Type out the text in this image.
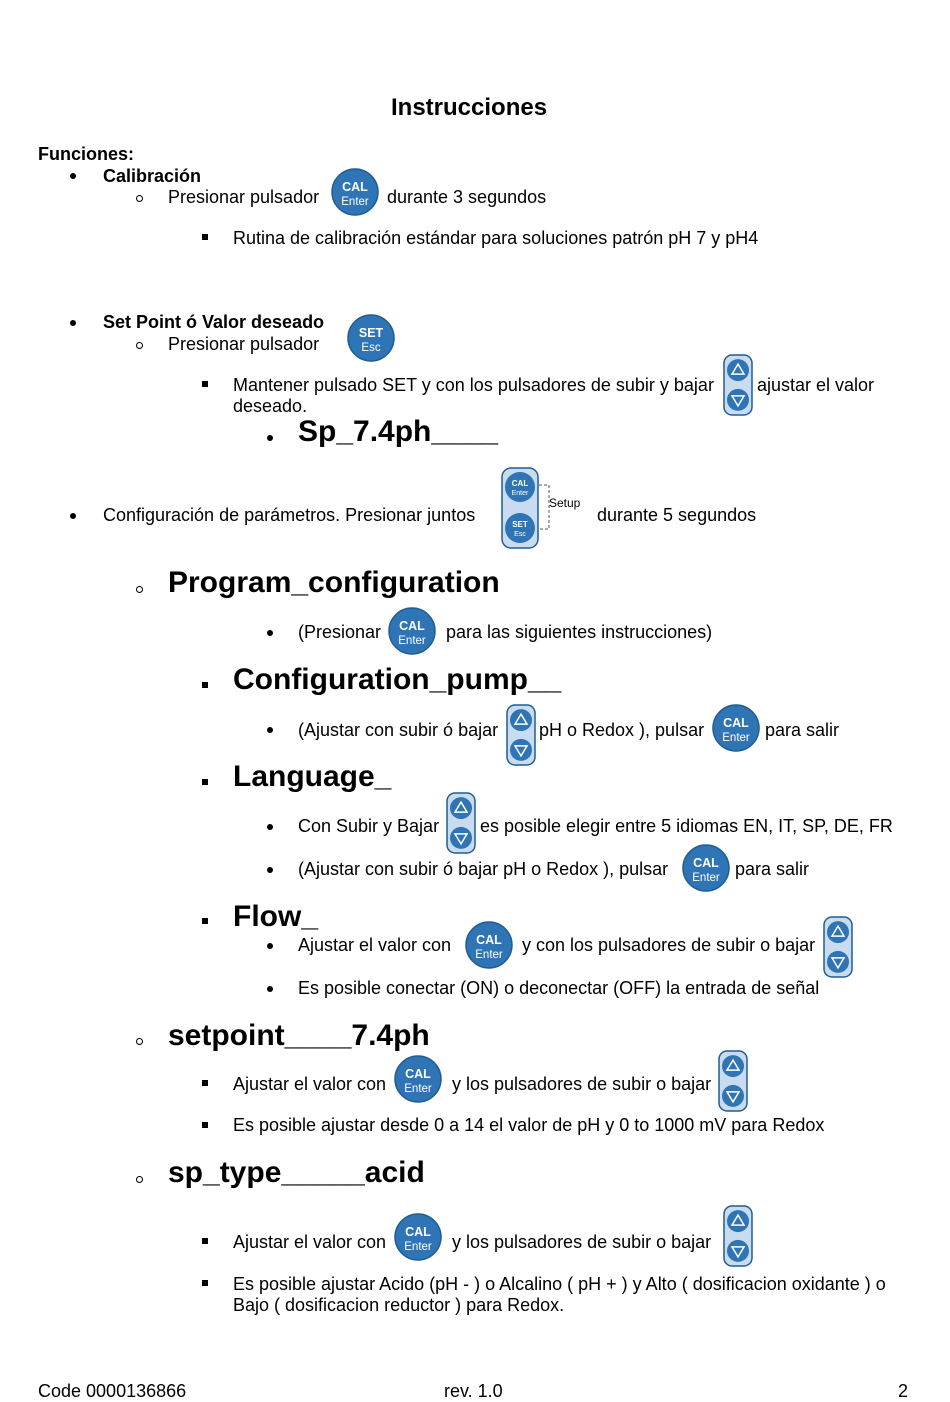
Instrucciones
Funciones:
Calibración
Presionar pulsador CAL
Enter durante 3 segundos
Rutina de calibración estándar para soluciones patrón pH 7 y pH4
Set Point ó Valor deseado
Presionar pulsador
SET
Esc
Mantener pulsado SET y con los pulsadores de subir y bajar ajustar el valor
deseado.
Sp_7.4ph____
Configuración de parámetros. Presionar juntos
CAL
Enter
SET
Esc
Setup
durante 5 segundos
Program_configuration
(Presionar CAL
Enter para las siguientes instrucciones)
Configuration_pump__
(Ajustar con subir ó bajar pH o Redox ), pulsar CAL
Enter para salir
Language_
Con Subir y Bajar es posible elegir entre 5 idiomas EN, IT, SP, DE, FR
(Ajustar con subir ó bajar pH o Redox ), pulsar CAL
Enter para salir
Flow_
Ajustar el valor con CAL
Enter y con los pulsadores de subir o bajar
Es posible conectar (ON) o deconectar (OFF) la entrada de señal
setpoint____7.4ph
Ajustar el valor con CAL
Enter y los pulsadores de subir o bajar
Es posible ajustar desde 0 a 14 el valor de pH y 0 to 1000 mV para Redox
sp_type_____acid
Ajustar el valor con CAL
Enter y los pulsadores de subir o bajar
Es posible ajustar Acido (pH - ) o Alcalino ( pH + ) y Alto ( dosificacion oxidante ) o
Bajo ( dosificacion reductor ) para Redox.
Code 0000136866	rev. 1.0	2
